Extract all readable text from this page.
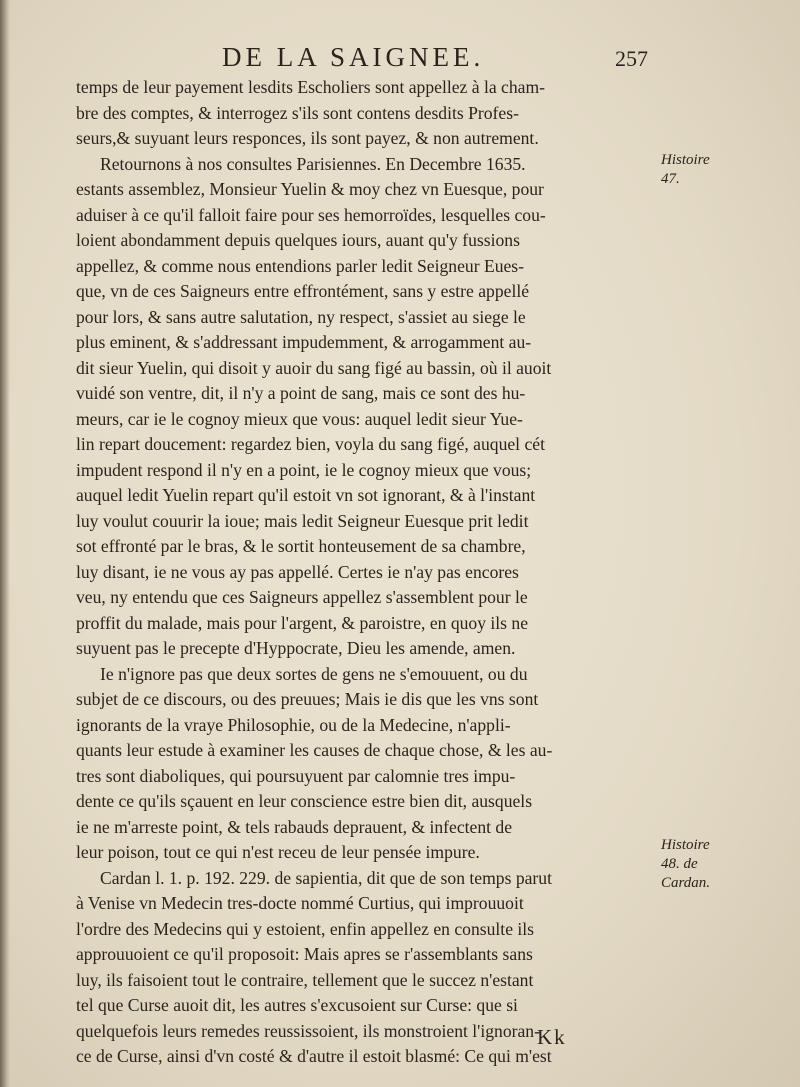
DE LA SAIGNEE.	257
temps de leur payement lesdits Escholiers sont appellez à la cham-
bre des comptes, & interrogez s'ils sont contens desdits Profes-
seurs,& suyuant leurs responces, ils sont payez, & non autrement.
Retournons à nos consultes Parisiennes. En Decembre 1635.
estants assemblez, Monsieur Yuelin & moy chez vn Euesque, pour
aduiser à ce qu'il falloit faire pour ses hemorroïdes, lesquelles cou-
loient abondamment depuis quelques iours, auant qu'y fussions
appellez, & comme nous entendions parler ledit Seigneur Eues-
que, vn de ces Saigneurs entre effrontément, sans y estre appellé
pour lors, & sans autre salutation, ny respect, s'assiet au siege le
plus eminent, & s'addressant impudemment, & arrogamment au-
dit sieur Yuelin, qui disoit y auoir du sang figé au bassin, où il auoit
vuidé son ventre, dit, il n'y a point de sang, mais ce sont des hu-
meurs, car ie le cognoy mieux que vous: auquel ledit sieur Yue-
lin repart doucement: regardez bien, voyla du sang figé, auquel cét
impudent respond il n'y en a point, ie le cognoy mieux que vous;
auquel ledit Yuelin repart qu'il estoit vn sot ignorant, & à l'instant
luy voulut couurir la ioue; mais ledit Seigneur Euesque prit ledit
sot effronté par le bras, & le sortit honteusement de sa chambre,
luy disant, ie ne vous ay pas appellé. Certes ie n'ay pas encores
veu, ny entendu que ces Saigneurs appellez s'assemblent pour le
proffit du malade, mais pour l'argent, & paroistre, en quoy ils ne
suyuent pas le precepte d'Hyppocrate, Dieu les amende, amen.
Ie n'ignore pas que deux sortes de gens ne s'emouuent, ou du
subjet de ce discours, ou des preuues; Mais ie dis que les vns sont
ignorants de la vraye Philosophie, ou de la Medecine, n'appli-
quants leur estude à examiner les causes de chaque chose, & les au-
tres sont diaboliques, qui poursuyuent par calomnie tres impu-
dente ce qu'ils sçauent en leur conscience estre bien dit, ausquels
ie ne m'arreste point, & tels rabauds deprauent, & infectent de
leur poison, tout ce qui n'est receu de leur pensée impure.
Cardan l. 1. p. 192. 229. de sapientia, dit que de son temps parut
à Venise vn Medecin tres-docte nommé Curtius, qui improuuoit
l'ordre des Medecins qui y estoient, enfin appellez en consulte ils
approuuoient ce qu'il proposoit: Mais apres se r'assemblants sans
luy, ils faisoient tout le contraire, tellement que le succez n'estant
tel que Curse auoit dit, les autres s'excusoient sur Curse: que si
quelquefois leurs remedes reussissoient, ils monstroient l'ignoran-
ce de Curse, ainsi d'vn costé & d'autre il estoit blasmé: Ce qui m'est
Histoire
47.
Histoire
48. de
Cardan.
Kk
